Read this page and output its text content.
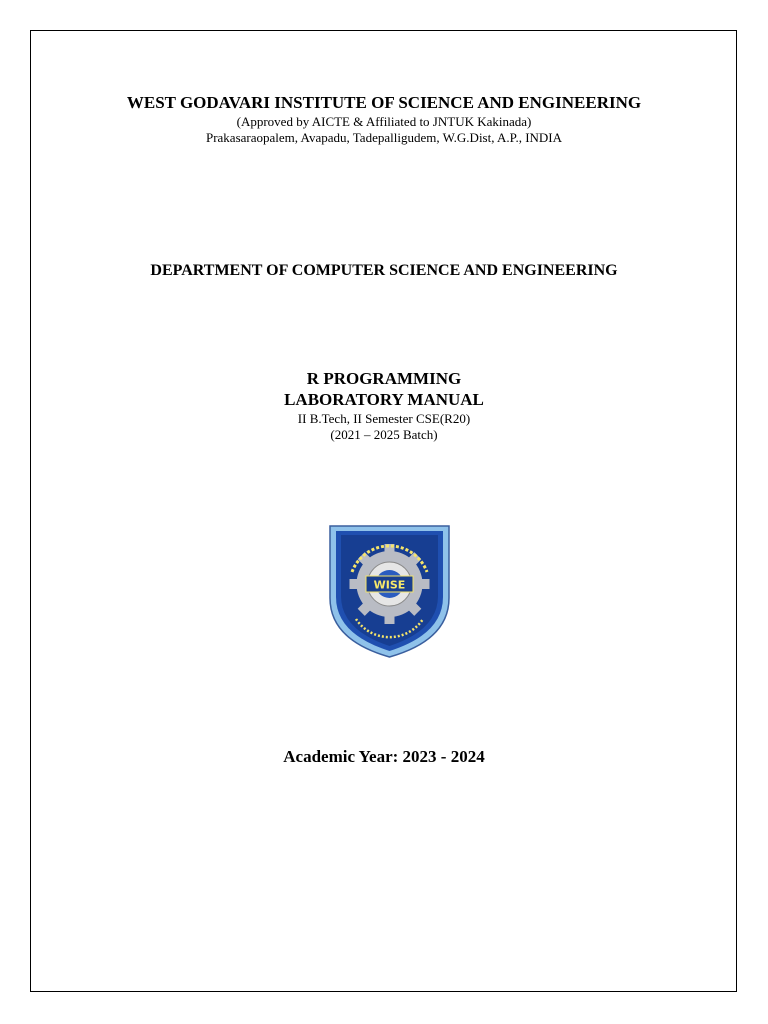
WEST GODAVARI INSTITUTE OF SCIENCE AND ENGINEERING
(Approved by AICTE & Affiliated to JNTUK Kakinada)
Prakasaraopalem, Avapadu, Tadepalligudem, W.G.Dist, A.P., INDIA
DEPARTMENT OF COMPUTER SCIENCE AND ENGINEERING
R PROGRAMMING
LABORATORY MANUAL
II B.Tech, II Semester CSE(R20)
(2021 – 2025 Batch)
WISE
Academic Year: 2023 - 2024
